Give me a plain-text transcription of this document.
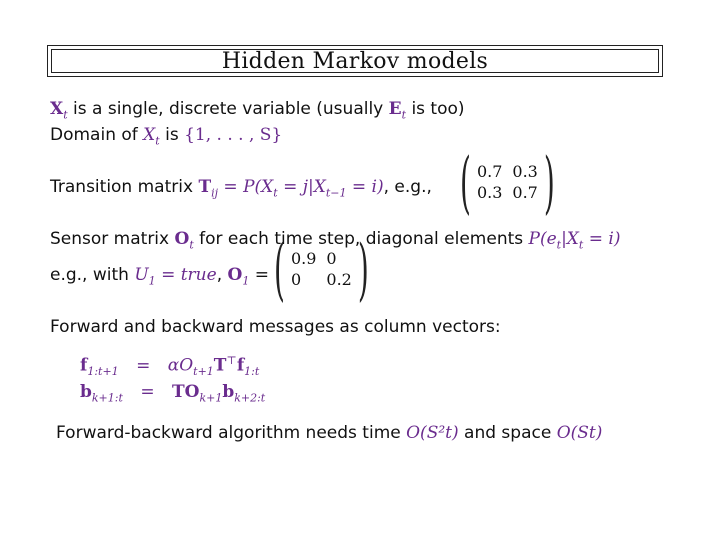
Hidden Markov models
$X_t$ is a single, discrete variable (usually $E_t$ is too)
Domain of $X_t$ is {1, . . . , S}
Transition matrix $T_{ij} = P(X_t = j|X_{t-1} = i)$, e.g., ( 0.7 0.3
0.3 0.7 )
Sensor matrix $O_t$ for each time step, diagonal elements $P(e_t|X_t = i)$
e.g., with $U_1$ = true, $O_1$ = ( 0.9 0
0	0.2 )
Forward and backward messages as column vectors:
$f_{1:t+1} = \alpha O_{t+1}T^⊤f_{1:t}$
$b_{k+1:t} = TO_{k+1}b_{k+2:t}$
Forward-backward algorithm needs time O(S²t) and space O(St)
